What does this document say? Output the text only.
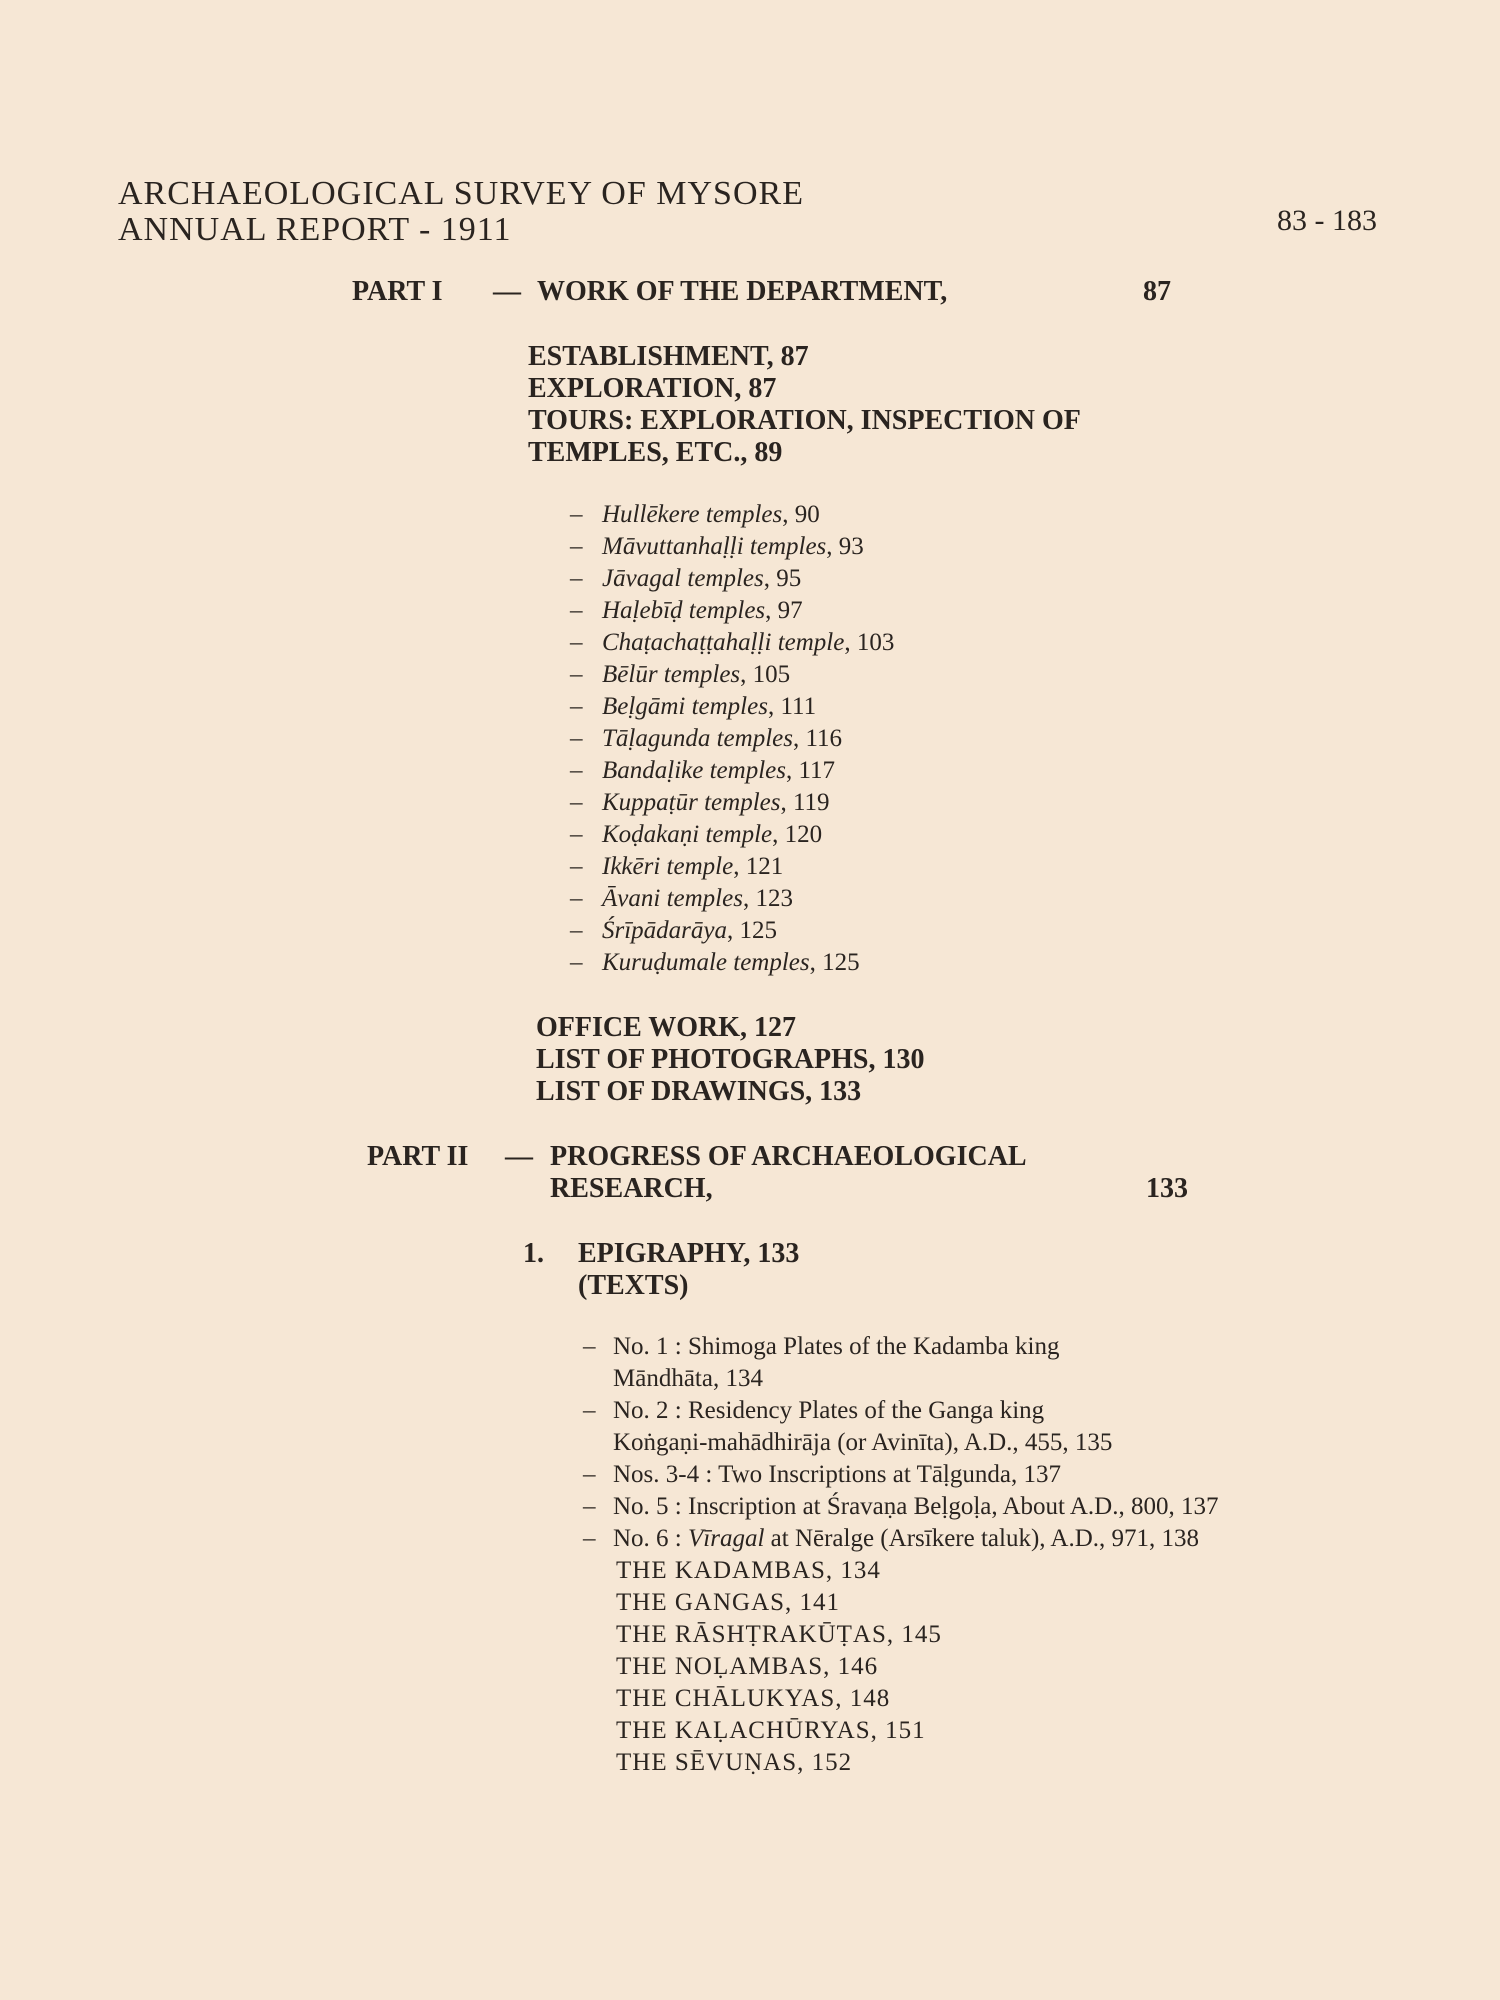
ARCHAEOLOGICAL SURVEY OF MYSORE
ANNUAL REPORT - 1911	83 - 183
PART I — WORK OF THE DEPARTMENT,	87
ESTABLISHMENT, 87
EXPLORATION, 87
TOURS: EXPLORATION, INSPECTION OF
TEMPLES, ETC., 89
– Hullēkere temples, 90
– Māvuttanhaḷḷi temples, 93
– Jāvagal temples, 95
– Haḷebīḍ temples, 97
– Chaṭachaṭṭahaḷḷi temple, 103
– Bēlūr temples, 105
– Beḷgāmi temples, 111
– Tāḷagunda temples, 116
– Bandaḷike temples, 117
– Kuppaṭūr temples, 119
– Koḍakaṇi temple, 120
– Ikkēri temple, 121
– Āvani temples, 123
– Śrīpādarāya, 125
– Kuruḍumale temples, 125
OFFICE WORK, 127
LIST OF PHOTOGRAPHS, 130
LIST OF DRAWINGS, 133
PART II — PROGRESS OF ARCHAEOLOGICAL
RESEARCH,	133
1. EPIGRAPHY, 133
(TEXTS)
– No. 1 : Shimoga Plates of the Kadamba king
Māndhāta, 134
– No. 2 : Residency Plates of the Ganga king
Koṅgaṇi-mahādhirāja (or Avinīta), A.D., 455, 135
– Nos. 3-4 : Two Inscriptions at Tāḷgunda, 137
– No. 5 : Inscription at Śravaṇa Beḷgoḷa, About A.D., 800, 137
– No. 6 : Vīragal at Nēralge (Arsīkere taluk), A.D., 971, 138
THE KADAMBAS, 134
THE GANGAS, 141
THE RĀSHṬRAKŪṬAS, 145
THE NOḶAMBAS, 146
THE CHĀLUKYAS, 148
THE KAḶACHŪRYAS, 151
THE SĒVUṆAS, 152
